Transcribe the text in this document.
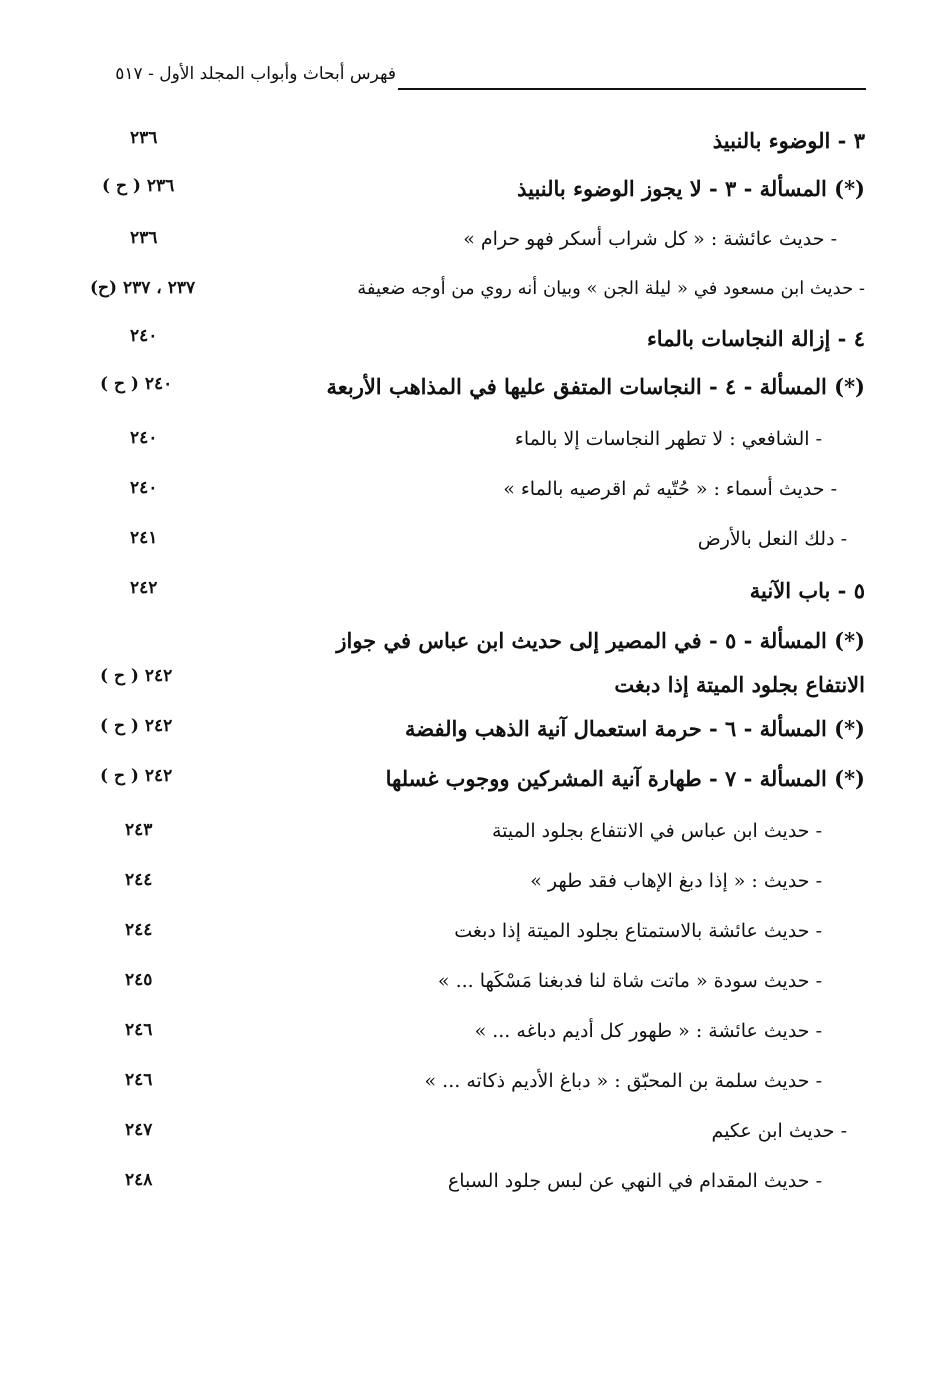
فهرس أبحاث وأبواب المجلد الأول - ٥١٧
٣ - الوضوء بالنبيذ
٢٣٦
(*) المسألة - ٣ - لا يجوز الوضوء بالنبيذ
٢٣٦ ( ح )
- حديث عائشة : « كل شراب أسكر فهو حرام »
٢٣٦
- حديث ابن مسعود في « ليلة الجن » وبيان أنه روي من أوجه ضعيفة
٢٣٧ ، ٢٣٧ (ح)
٤ - إزالة النجاسات بالماء
٢٤٠
(*) المسألة - ٤ - النجاسات المتفق عليها في المذاهب الأربعة
٢٤٠ ( ح )
- الشافعي : لا تطهر النجاسات إلا بالماء
٢٤٠
- حديث أسماء : « حُتّيه ثم اقرصيه بالماء »
٢٤٠
- دلك النعل بالأرض
٢٤١
٥ - باب الآنية
٢٤٢
(*) المسألة - ٥ - في المصير إلى حديث ابن عباس في جواز
الانتفاع بجلود الميتة إذا دبغت
٢٤٢ ( ح )
(*) المسألة - ٦ - حرمة استعمال آنية الذهب والفضة
٢٤٢ ( ح )
(*) المسألة - ٧ - طهارة آنية المشركين ووجوب غسلها
٢٤٢ ( ح )
- حديث ابن عباس في الانتفاع بجلود الميتة
٢٤٣
- حديث : « إذا دبغ الإهاب فقد طهر »
٢٤٤
- حديث عائشة بالاستمتاع بجلود الميتة إذا دبغت
٢٤٤
- حديث سودة « ماتت شاة لنا فدبغنا مَسْكَها ... »
٢٤٥
- حديث عائشة : « طهور كل أديم دباغه ... »
٢٤٦
- حديث سلمة بن المحبّق : « دباغ الأديم ذكاته ... »
٢٤٦
- حديث ابن عكيم
٢٤٧
- حديث المقدام في النهي عن لبس جلود السباع
٢٤٨
